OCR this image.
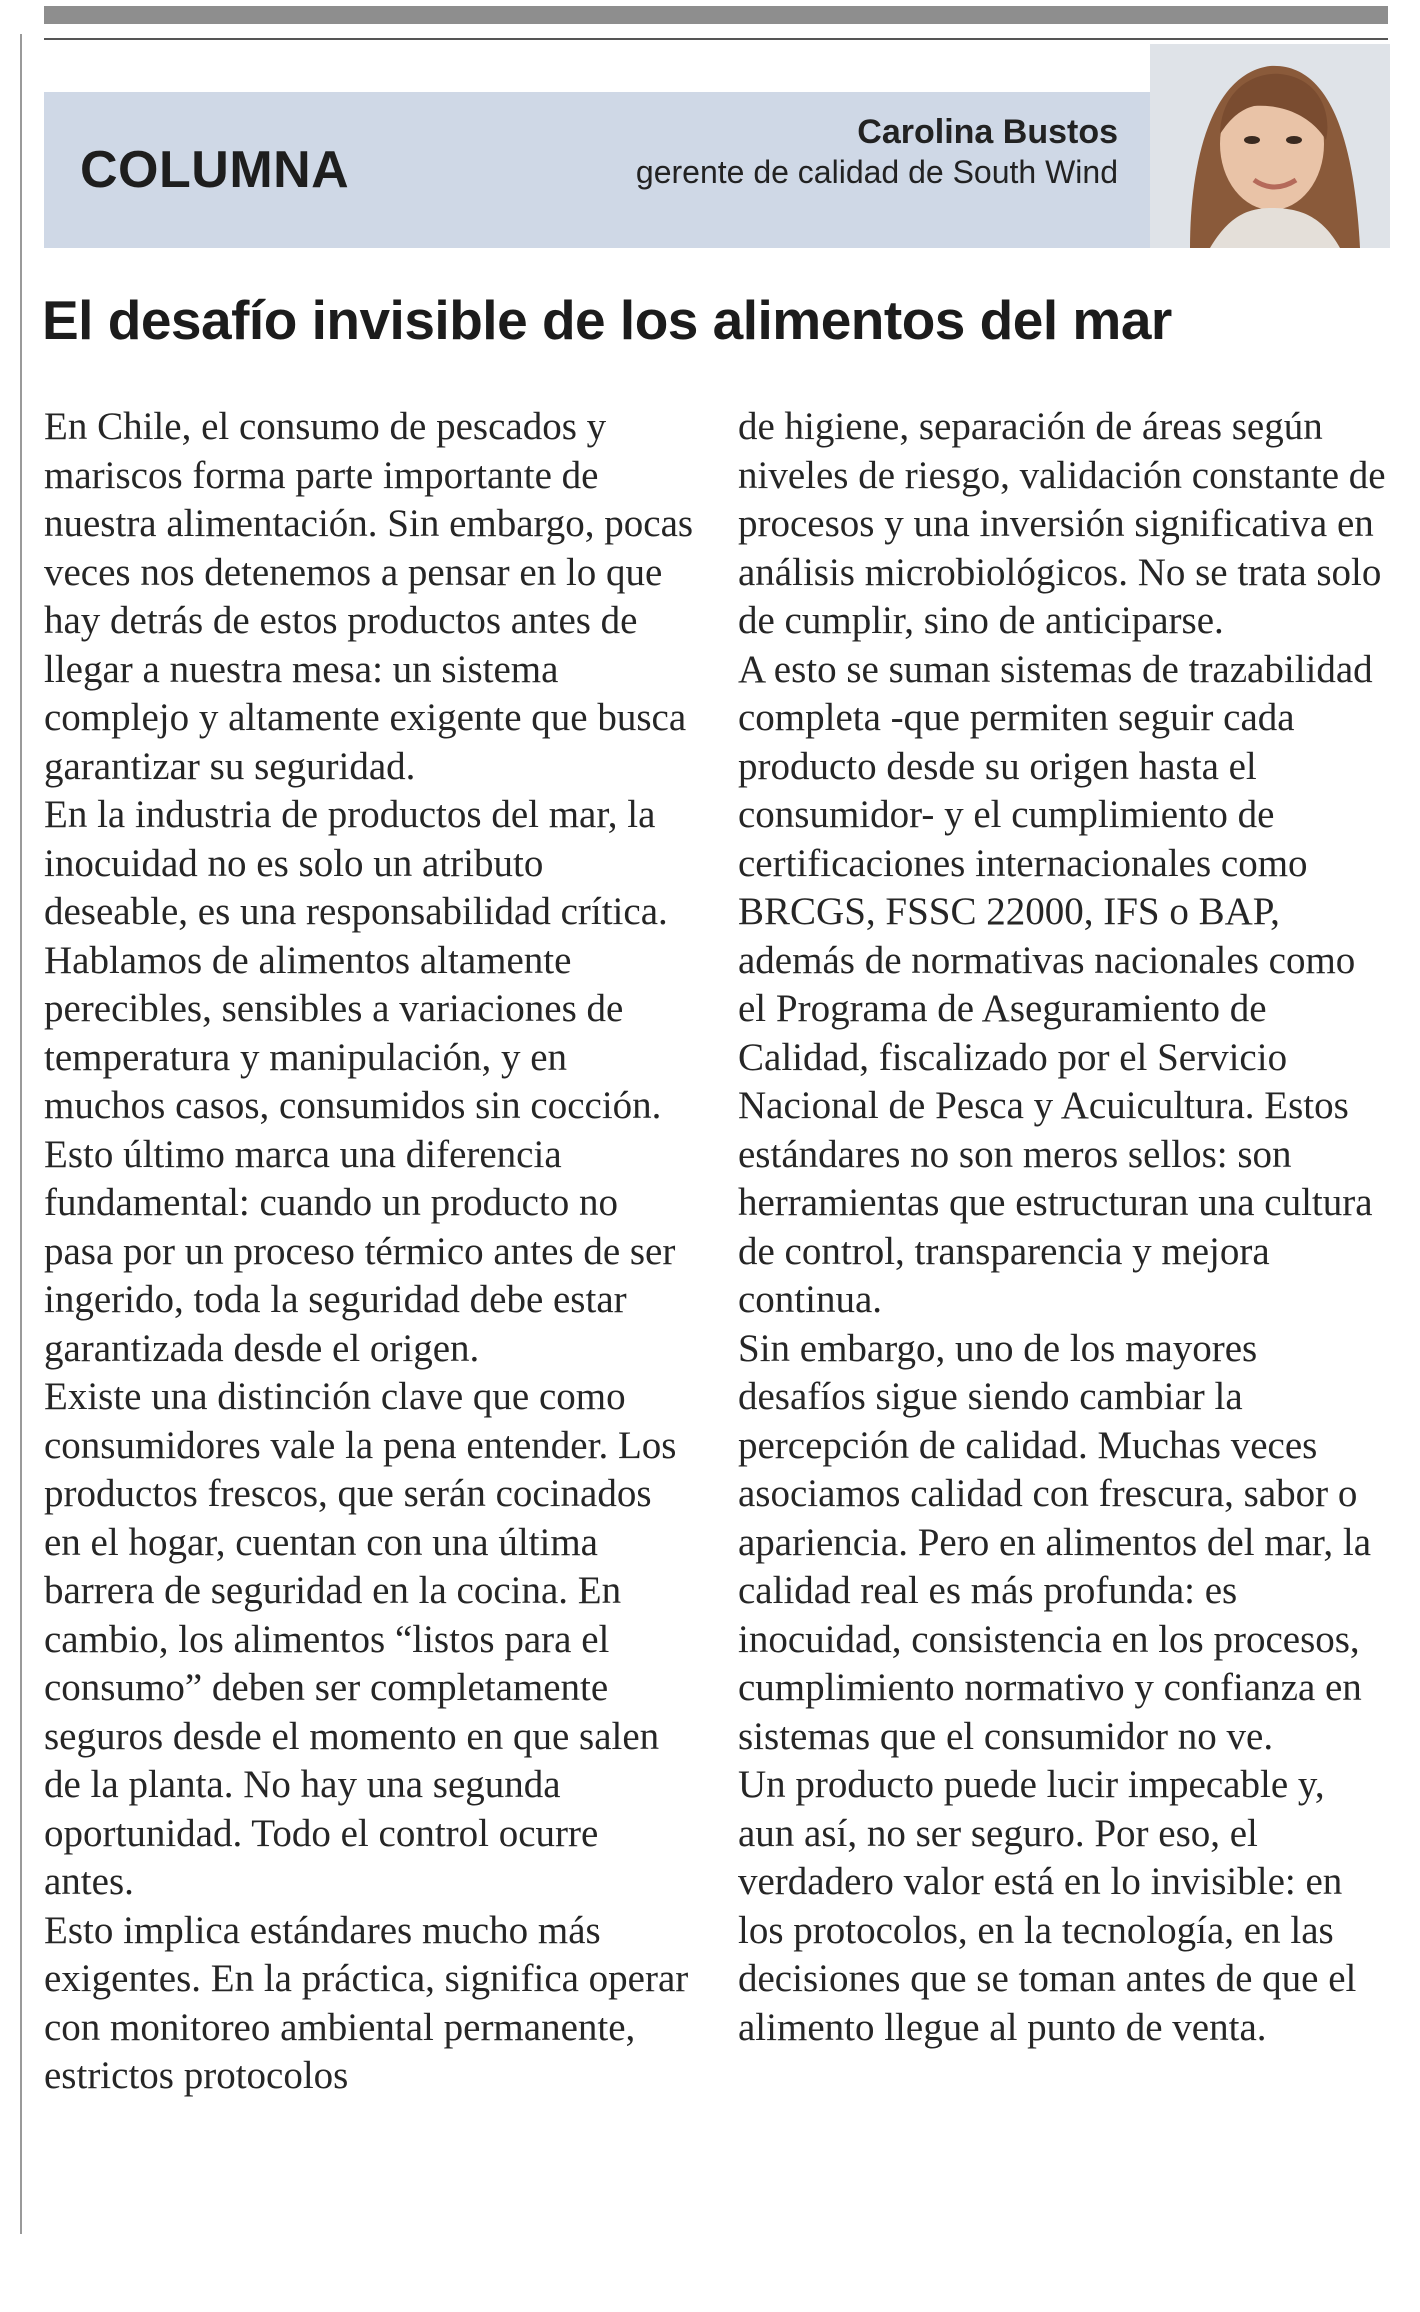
COLUMNA
Carolina Bustos
gerente de calidad de South Wind
El desafío invisible de los alimentos del mar

En Chile, el consumo de pescados y mariscos forma parte importante de nuestra alimentación. Sin embargo, pocas veces nos detenemos a pensar en lo que hay detrás de estos productos antes de llegar a nuestra mesa: un sistema complejo y altamente exigente que busca garantizar su seguridad.

En la industria de productos del mar, la inocuidad no es solo un atributo deseable, es una responsabilidad crítica. Hablamos de alimentos altamente perecibles, sensibles a variaciones de temperatura y manipulación, y en muchos casos, consumidos sin cocción. Esto último marca una diferencia fundamental: cuando un producto no pasa por un proceso térmico antes de ser ingerido, toda la seguridad debe estar garantizada desde el origen.

Existe una distinción clave que como consumidores vale la pena entender. Los productos frescos, que serán cocinados en el hogar, cuentan con una última barrera de seguridad en la cocina. En cambio, los alimentos “listos para el consumo” deben ser completamente seguros desde el momento en que salen de la planta. No hay una segunda oportunidad. Todo el control ocurre antes.

Esto implica estándares mucho más exigentes. En la práctica, significa operar con monitoreo ambiental permanente, estrictos protocolos

de higiene, separación de áreas según niveles de riesgo, validación constante de procesos y una inversión significativa en análisis microbiológicos. No se trata solo de cumplir, sino de anticiparse.

A esto se suman sistemas de trazabilidad completa -que permiten seguir cada producto desde su origen hasta el consumidor- y el cumplimiento de certificaciones internacionales como BRCGS, FSSC 22000, IFS o BAP, además de normativas nacionales como el Programa de Aseguramiento de Calidad, fiscalizado por el Servicio Nacional de Pesca y Acuicultura. Estos estándares no son meros sellos: son herramientas que estructuran una cultura de control, transparencia y mejora continua.

Sin embargo, uno de los mayores desafíos sigue siendo cambiar la percepción de calidad. Muchas veces asociamos calidad con frescura, sabor o apariencia. Pero en alimentos del mar, la calidad real es más profunda: es inocuidad, consistencia en los procesos, cumplimiento normativo y confianza en sistemas que el consumidor no ve.

Un producto puede lucir impecable y, aun así, no ser seguro. Por eso, el verdadero valor está en lo invisible: en los protocolos, en la tecnología, en las decisiones que se toman antes de que el alimento llegue al punto de venta.
